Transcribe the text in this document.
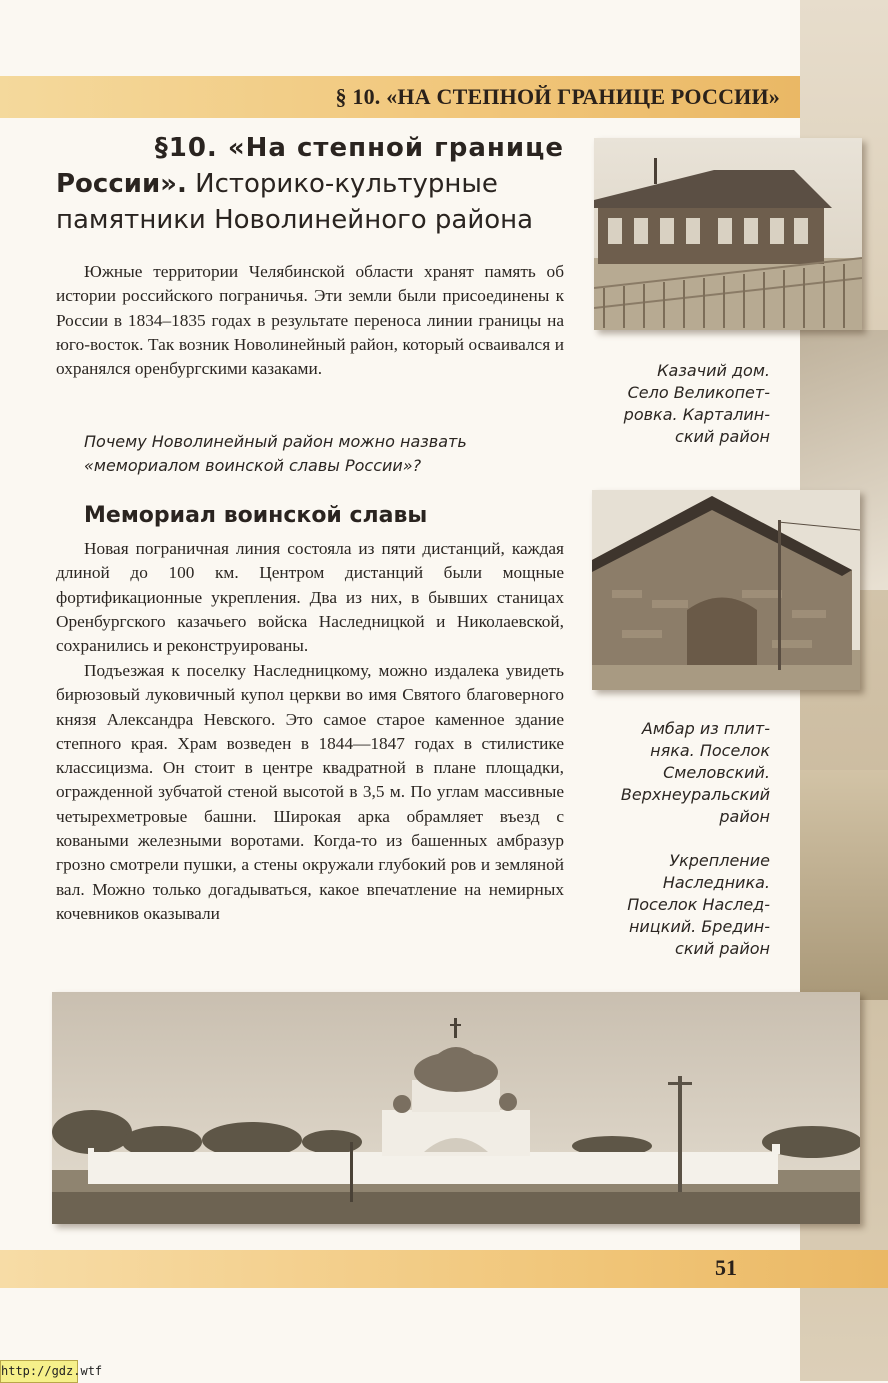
§ 10. «НА СТЕПНОЙ ГРАНИЦЕ РОССИИ»
§10. «На степной границе
России». Историко-культурные
памятники Новолинейного района
Южные территории Челябинской области хранят память об истории российского пограничья. Эти земли были присоединены к России в 1834–1835 годах в результате переноса линии границы на юго-восток. Так возник Новолинейный район, который осваивался и охранялся оренбургскими казаками.
Почему Новолинейный район можно назвать «мемориалом воинской славы России»?
Мемориал воинской славы
Новая пограничная линия состояла из пяти дистанций, каждая длиной до 100 км. Центром дистанций были мощные фортификационные укрепления. Два из них, в бывших станицах Оренбургского казачьего войска Наследницкой и Николаевской, сохранились и реконструированы.
Подъезжая к поселку Наследницкому, можно издалека увидеть бирюзовый луковичный купол церкви во имя Святого благоверного князя Александра Невского. Это самое старое каменное здание степного края. Храм возведен в 1844—1847 годах в стилистике классицизма. Он стоит в центре квадратной в плане площадки, огражденной зубчатой стеной высотой в 3,5 м. По углам массивные четырехметровые башни. Широкая арка обрамляет въезд с коваными железными воротами. Когда-то из башенных амбразур грозно смотрели пушки, а стены окружали глубокий ров и земляной вал. Можно только догадываться, какое впечатление на немирных кочевников оказывали
Казачий дом.
Село Великопет-
ровка. Карталин-
ский район
Амбар из плит-
няка. Поселок
Смеловский.
Верхнеуральский
район
Укрепление
Наследника.
Поселок Наслед-
ницкий. Бредин-
ский район
51
http://gdz.wtf
